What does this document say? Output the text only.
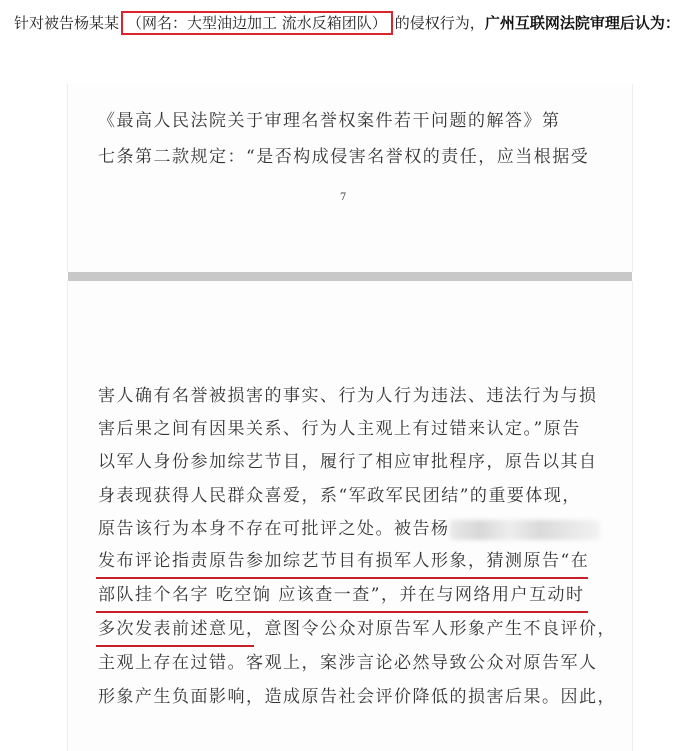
针对被告杨某某 （网名：大型油边加工 流水反箱团队） 的侵权行为，广州互联网法院审理后认为：
《最高人民法院关于审理名誉权案件若干问题的解答》第
七条第二款规定：“是否构成侵害名誉权的责任，应当根据受
7
害人确有名誉被损害的事实、行为人行为违法、违法行为与损
害后果之间有因果关系、行为人主观上有过错来认定。”原告
以军人身份参加综艺节目，履行了相应审批程序，原告以其自
身表现获得人民群众喜爱，系“军政军民团结”的重要体现，
原告该行为本身不存在可批评之处。被告杨
发布评论指责原告参加综艺节目有损军人形象，猜测原告“在
部队挂个名字 吃空饷 应该查一查”，并在与网络用户互动时
多次发表前述意见，意图令公众对原告军人形象产生不良评价，
主观上存在过错。客观上，案涉言论必然导致公众对原告军人
形象产生负面影响，造成原告社会评价降低的损害后果。因此，
